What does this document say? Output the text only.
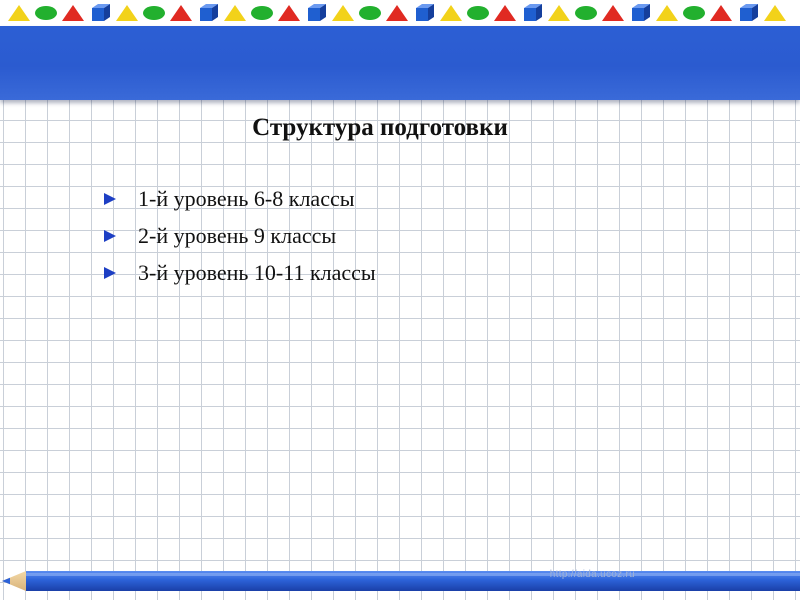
Структура подготовки
1-й уровень 6-8 классы
2-й уровень 9 классы
3-й уровень 10-11 классы
http://aida.ucoz.ru
